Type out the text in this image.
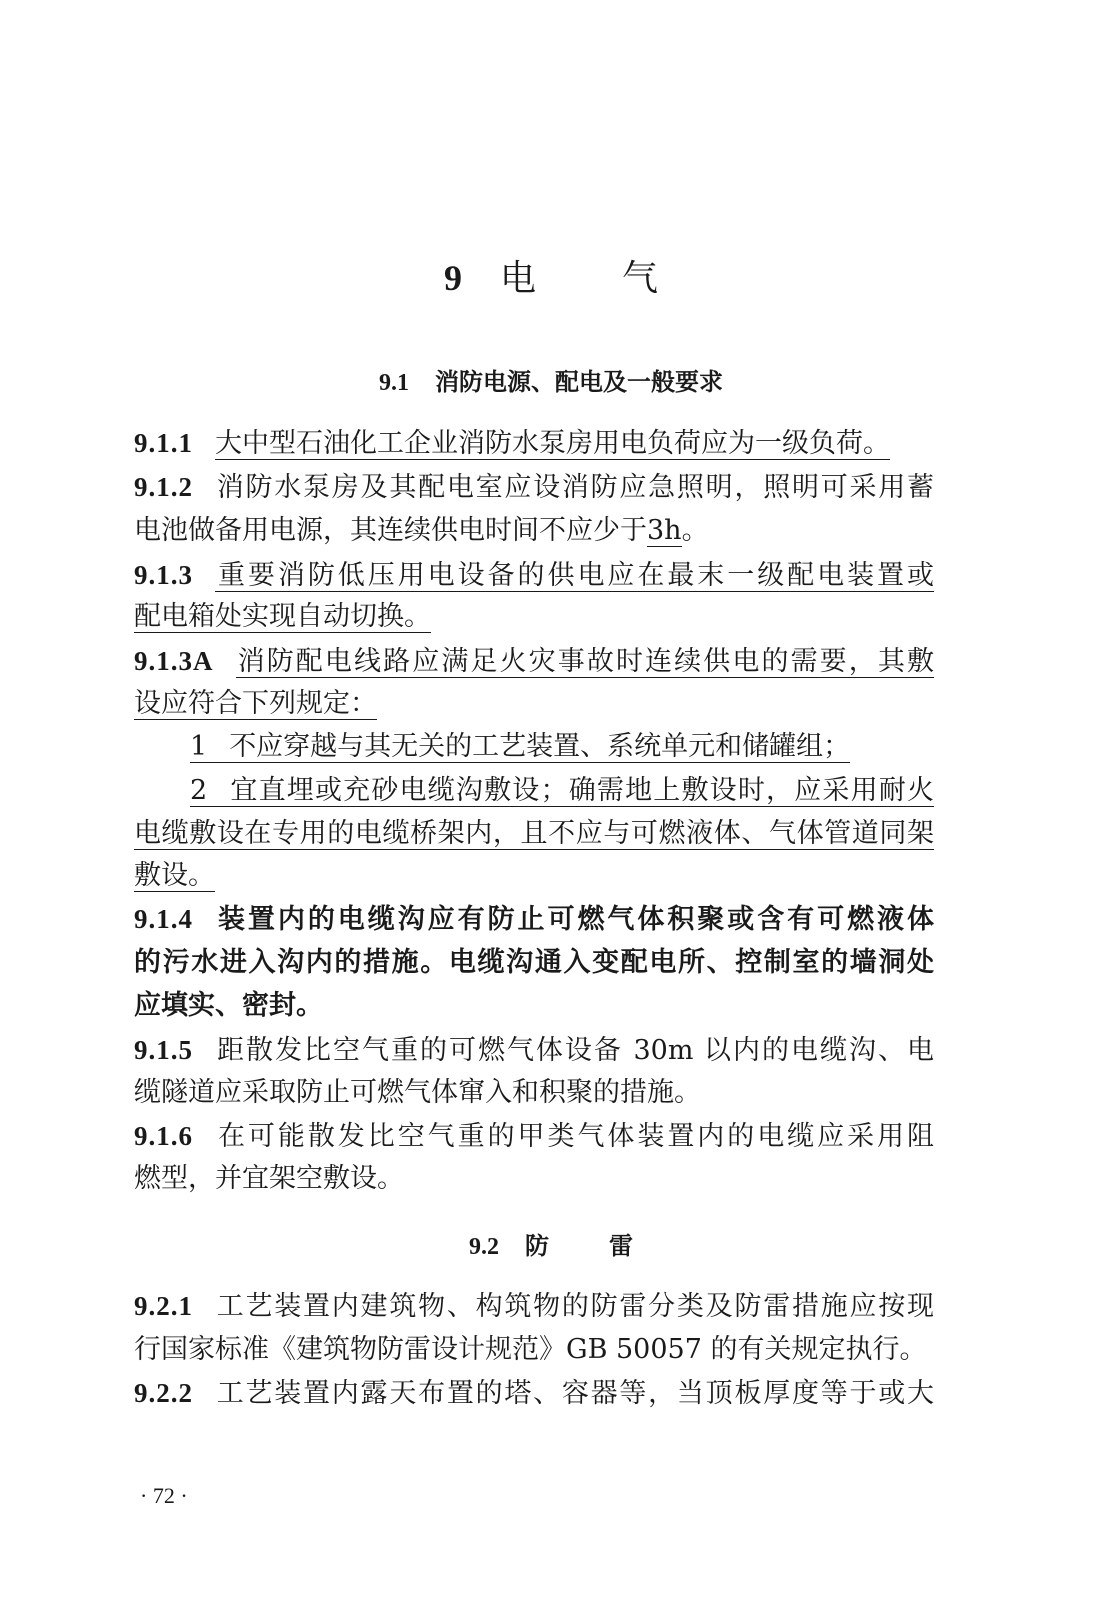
9 电 气
9.1 消防电源、配电及一般要求
9.1.1 大中型石油化工企业消防水泵房用电负荷应为一级负荷。
9.1.2 消防水泵房及其配电室应设消防应急照明，照明可采用蓄
电池做备用电源，其连续供电时间不应少于3h。
9.1.3 重要消防低压用电设备的供电应在最末一级配电装置或
配电箱处实现自动切换。
9.1.3A 消防配电线路应满足火灾事故时连续供电的需要，其敷
设应符合下列规定：
1 不应穿越与其无关的工艺装置、系统单元和储罐组；
2 宜直埋或充砂电缆沟敷设；确需地上敷设时，应采用耐火
电缆敷设在专用的电缆桥架内，且不应与可燃液体、气体管道同架
敷设。
9.1.4 装置内的电缆沟应有防止可燃气体积聚或含有可燃液体
的污水进入沟内的措施。电缆沟通入变配电所、控制室的墙洞处
应填实、密封。
9.1.5 距散发比空气重的可燃气体设备 30m 以内的电缆沟、电
缆隧道应采取防止可燃气体窜入和积聚的措施。
9.1.6 在可能散发比空气重的甲类气体装置内的电缆应采用阻
燃型，并宜架空敷设。
9.2 防	雷
9.2.1 工艺装置内建筑物、构筑物的防雷分类及防雷措施应按现
行国家标准《建筑物防雷设计规范》GB 50057 的有关规定执行。
9.2.2 工艺装置内露天布置的塔、容器等，当顶板厚度等于或大
· 72 ·
